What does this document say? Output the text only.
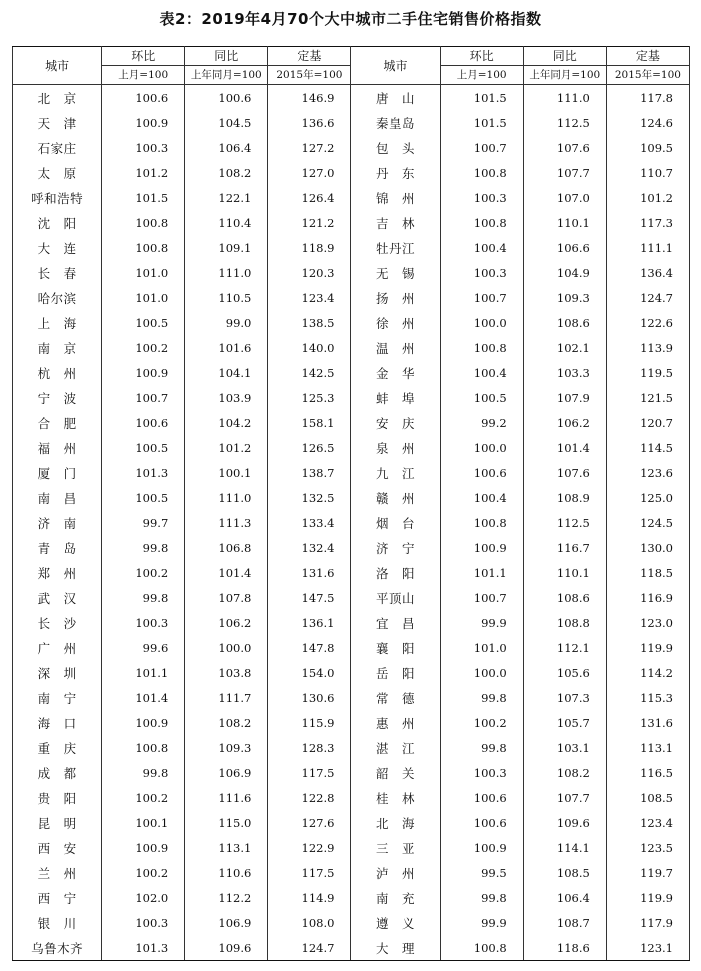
表2：2019年4月70个大中城市二手住宅销售价格指数
城市	环比	同比	定基	城市	环比	同比	定基
	上月=100	上年同月=100	2015年=100		上月=100	上年同月=100	2015年=100
北　京	100.6	100.6	146.9	唐　山	101.5	111.0	117.8
天　津	100.9	104.5	136.6	秦皇岛	101.5	112.5	124.6
石家庄	100.3	106.4	127.2	包　头	100.7	107.6	109.5
太　原	101.2	108.2	127.0	丹　东	100.8	107.7	110.7
呼和浩特	101.5	122.1	126.4	锦　州	100.3	107.0	101.2
沈　阳	100.8	110.4	121.2	吉　林	100.8	110.1	117.3
大　连	100.8	109.1	118.9	牡丹江	100.4	106.6	111.1
长　春	101.0	111.0	120.3	无　锡	100.3	104.9	136.4
哈尔滨	101.0	110.5	123.4	扬　州	100.7	109.3	124.7
上　海	100.5	99.0	138.5	徐　州	100.0	108.6	122.6
南　京	100.2	101.6	140.0	温　州	100.8	102.1	113.9
杭　州	100.9	104.1	142.5	金　华	100.4	103.3	119.5
宁　波	100.7	103.9	125.3	蚌　埠	100.5	107.9	121.5
合　肥	100.6	104.2	158.1	安　庆	99.2	106.2	120.7
福　州	100.5	101.2	126.5	泉　州	100.0	101.4	114.5
厦　门	101.3	100.1	138.7	九　江	100.6	107.6	123.6
南　昌	100.5	111.0	132.5	赣　州	100.4	108.9	125.0
济　南	99.7	111.3	133.4	烟　台	100.8	112.5	124.5
青　岛	99.8	106.8	132.4	济　宁	100.9	116.7	130.0
郑　州	100.2	101.4	131.6	洛　阳	101.1	110.1	118.5
武　汉	99.8	107.8	147.5	平顶山	100.7	108.6	116.9
长　沙	100.3	106.2	136.1	宜　昌	99.9	108.8	123.0
广　州	99.6	100.0	147.8	襄　阳	101.0	112.1	119.9
深　圳	101.1	103.8	154.0	岳　阳	100.0	105.6	114.2
南　宁	101.4	111.7	130.6	常　德	99.8	107.3	115.3
海　口	100.9	108.2	115.9	惠　州	100.2	105.7	131.6
重　庆	100.8	109.3	128.3	湛　江	99.8	103.1	113.1
成　都	99.8	106.9	117.5	韶　关	100.3	108.2	116.5
贵　阳	100.2	111.6	122.8	桂　林	100.6	107.7	108.5
昆　明	100.1	115.0	127.6	北　海	100.6	109.6	123.4
西　安	100.9	113.1	122.9	三　亚	100.9	114.1	123.5
兰　州	100.2	110.6	117.5	泸　州	99.5	108.5	119.7
西　宁	102.0	112.2	114.9	南　充	99.8	106.4	119.9
银　川	100.3	106.9	108.0	遵　义	99.9	108.7	117.9
乌鲁木齐	101.3	109.6	124.7	大　理	100.8	118.6	123.1
